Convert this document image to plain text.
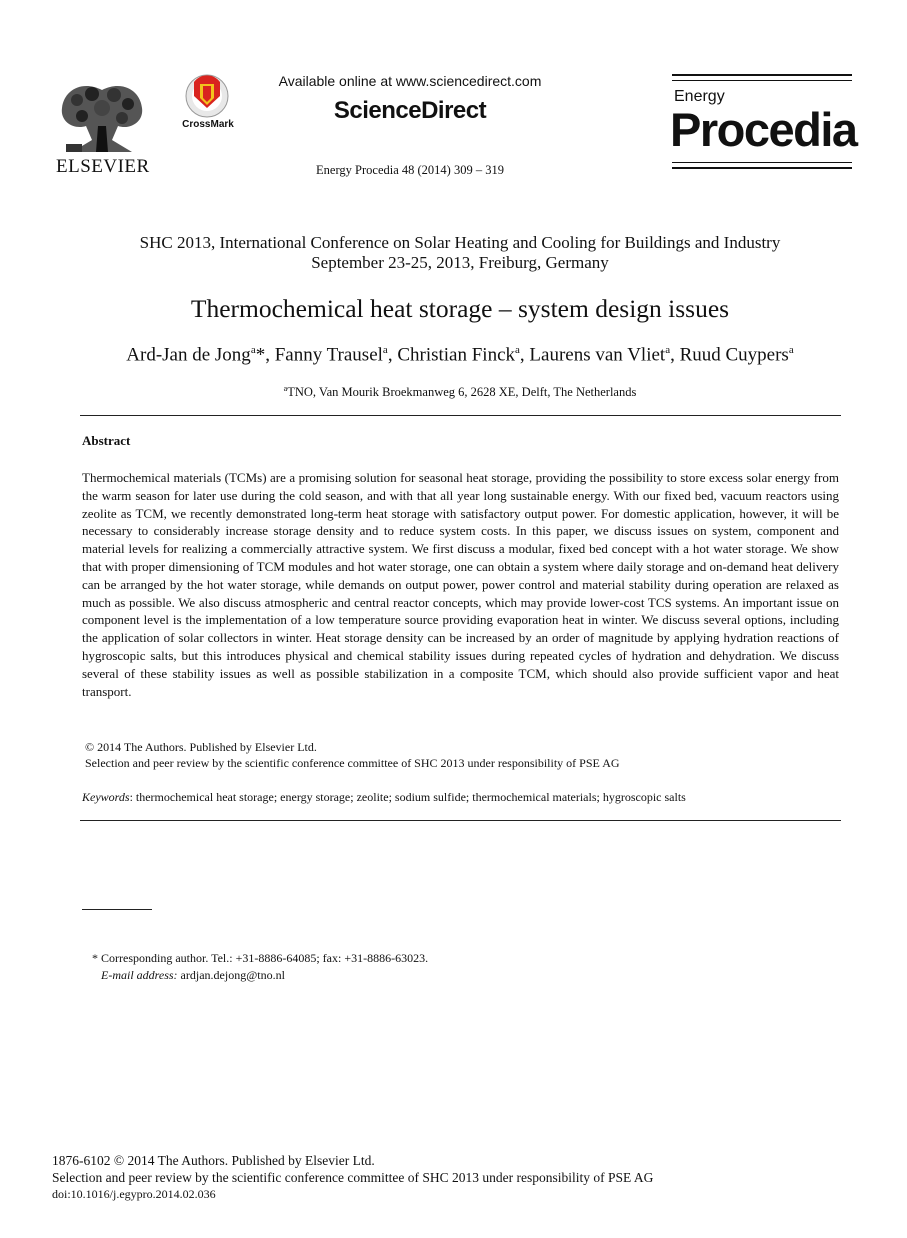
ELSEVIER
CrossMark
Available online at www.sciencedirect.com
ScienceDirect
Energy Procedia 48 (2014) 309 – 319
Energy
Procedia
SHC 2013, International Conference on Solar Heating and Cooling for Buildings and Industry
September 23-25, 2013, Freiburg, Germany
Thermochemical heat storage – system design issues
Ard-Jan de Jong$^a$*, Fanny Trausel$^a$, Christian Finck$^a$, Laurens van Vliet$^a$, Ruud Cuypers$^a$
$^a$TNO, Van Mourik Broekmanweg 6, 2628 XE, Delft, The Netherlands
Abstract
Thermochemical materials (TCMs) are a promising solution for seasonal heat storage, providing the possibility to store excess solar energy from the warm season for later use during the cold season, and with that all year long sustainable energy. With our fixed bed, vacuum reactors using zeolite as TCM, we recently demonstrated long-term heat storage with satisfactory output power. For domestic application, however, it will be necessary to considerably increase storage density and to reduce system costs. In this paper, we discuss issues on system, component and material levels for realizing a commercially attractive system. We first discuss a modular, fixed bed concept with a hot water storage. We show that with proper dimensioning of TCM modules and hot water storage, one can obtain a system where daily storage and on-demand heat delivery can be arranged by the hot water storage, while demands on output power, power control and material stability during operation are relaxed as much as possible. We also discuss atmospheric and central reactor concepts, which may provide lower-cost TCS systems. An important issue on component level is the implementation of a low temperature source providing evaporation heat in winter. We discuss several options, including the application of solar collectors in winter. Heat storage density can be increased by an order of magnitude by applying hydration reactions of hygroscopic salts, but this introduces physical and chemical stability issues during repeated cycles of hydration and dehydration. We discuss several of these stability issues as well as possible stabilization in a composite TCM, which should also provide sufficient vapor and heat transport.
© 2014 The Authors. Published by Elsevier Ltd.
Selection and peer review by the scientific conference committee of SHC 2013 under responsibility of PSE AG
Keywords: thermochemical heat storage; energy storage; zeolite; sodium sulfide; thermochemical materials; hygroscopic salts
* Corresponding author. Tel.: +31-8886-64085; fax: +31-8886-63023.
E-mail address: ardjan.dejong@tno.nl
1876-6102 © 2014 The Authors. Published by Elsevier Ltd.
Selection and peer review by the scientific conference committee of SHC 2013 under responsibility of PSE AG
doi:10.1016/j.egypro.2014.02.036
